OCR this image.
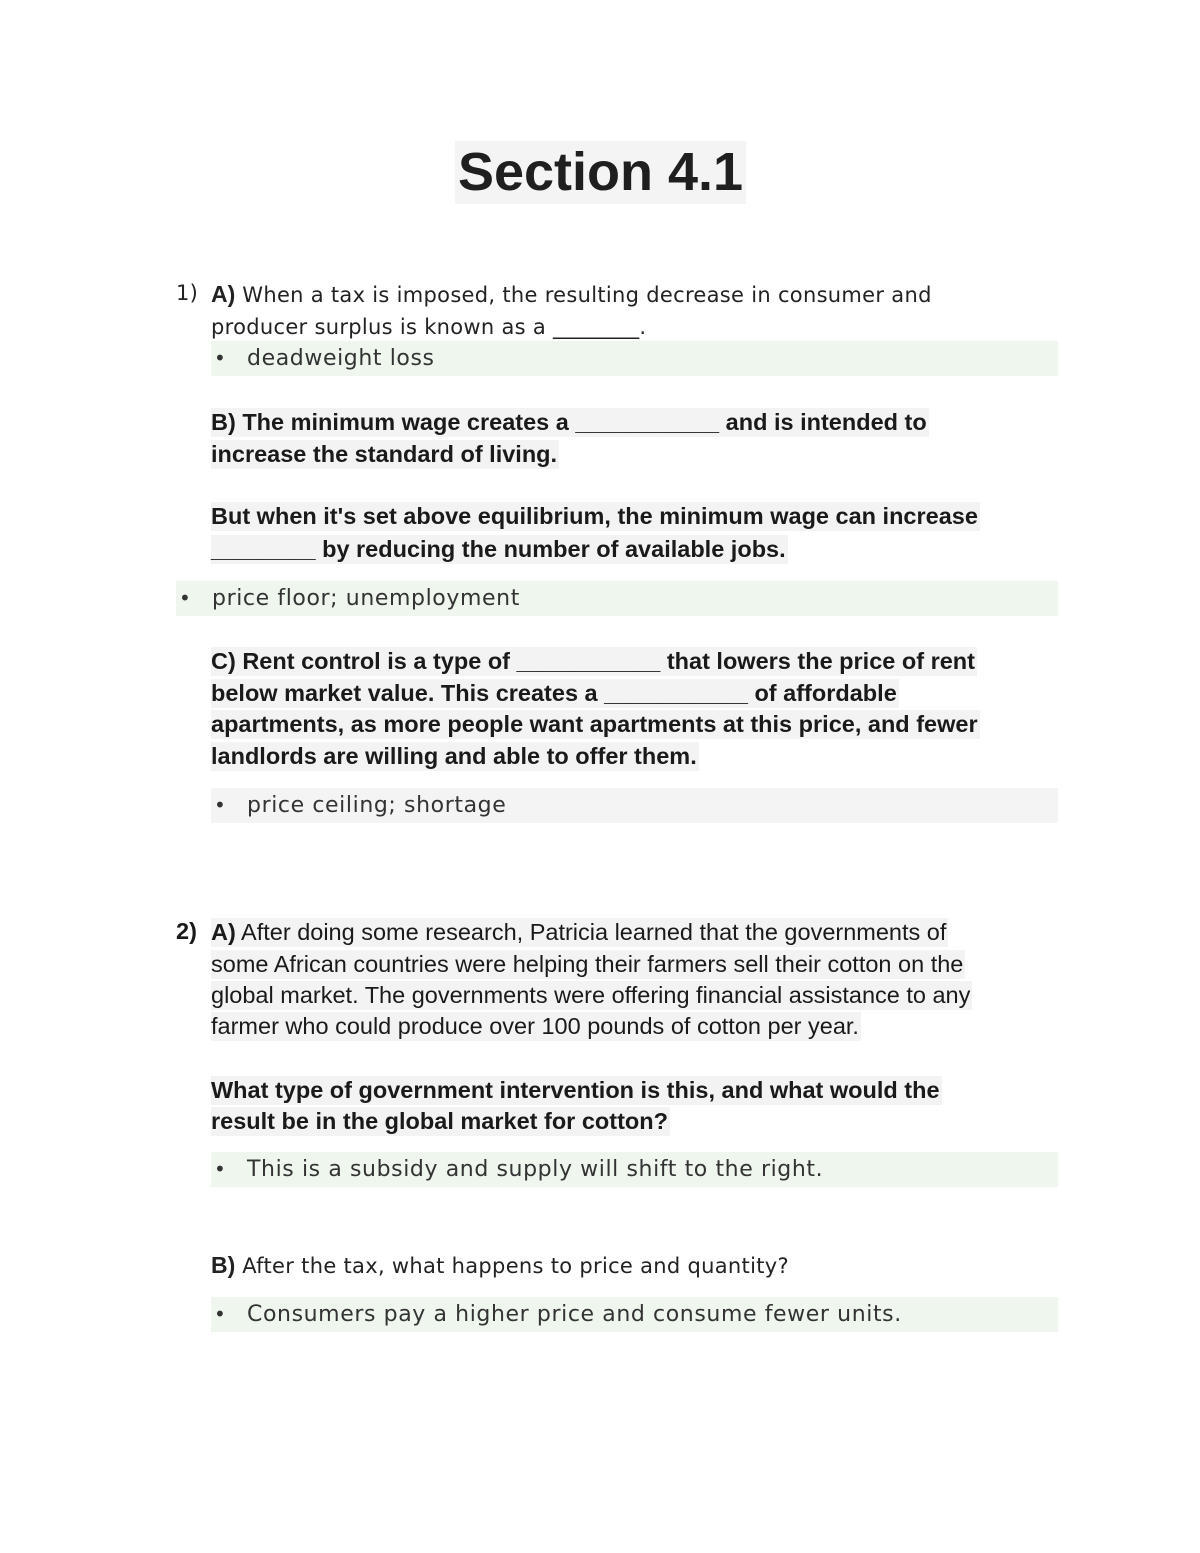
Section 4.1
1) A) When a tax is imposed, the resulting decrease in consumer and
producer surplus is known as a ________.
• deadweight loss
B) The minimum wage creates a ___________ and is intended to
increase the standard of living.
But when it's set above equilibrium, the minimum wage can increase
________ by reducing the number of available jobs.
• price floor; unemployment
C) Rent control is a type of ___________ that lowers the price of rent
below market value. This creates a ___________ of affordable
apartments, as more people want apartments at this price, and fewer
landlords are willing and able to offer them.
• price ceiling; shortage
2) A) After doing some research, Patricia learned that the governments of
some African countries were helping their farmers sell their cotton on the
global market. The governments were offering financial assistance to any
farmer who could produce over 100 pounds of cotton per year.
What type of government intervention is this, and what would the
result be in the global market for cotton?
• This is a subsidy and supply will shift to the right.
B) After the tax, what happens to price and quantity?
• Consumers pay a higher price and consume fewer units.
